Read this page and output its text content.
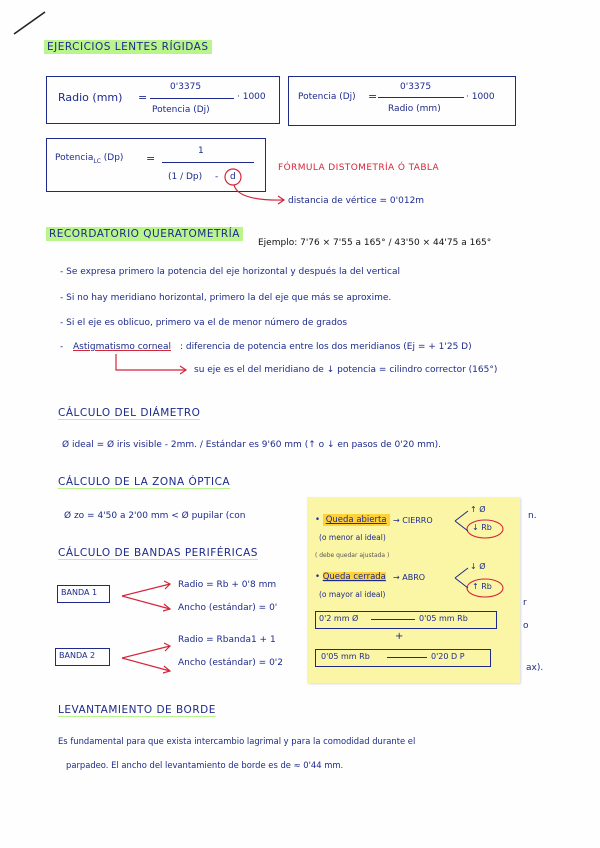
EJERCICIOS LENTES RÍGIDAS
Radio (mm) =
0'3375
Potencia (Dj)
· 1000	Potencia (Dj) =
0'3375
Radio (mm)
· 1000
Potencia$_{LC}$ (Dp) =
1
(1 / Dp) - d
FÓRMULA DISTOMETRÍA Ó TABLA
distancia de vértice = 0'012m
RECORDATORIO QUERATOMETRÍA
Ejemplo: 7'76 × 7'55 a 165° / 43'50 × 44'75 a 165°
- Se expresa primero la potencia del eje horizontal y después la del vertical
- Si no hay meridiano horizontal, primero la del eje que más se aproxime.
- Si el eje es oblicuo, primero va el de menor número de grados
- Astigmatismo corneal : diferencia de potencia entre los dos meridianos (Ej = + 1'25 D)
su eje es el del meridiano de ↓ potencia = cilindro corrector (165°)
CÁLCULO DEL DIÁMETRO
Ø ideal = Ø iris visible - 2mm. / Estándar es 9'60 mm (↑ o ↓ en pasos de 0'20 mm).
CÁLCULO DE LA ZONA ÓPTICA
Ø zo = 4'50 a 2'00 mm < Ø pupilar (con	n.
CÁLCULO DE BANDAS PERIFÉRICAS
BANDA 1
Radio = Rb + 0'8 mm
Ancho (estándar) = 0'
BANDA 2
Radio = Rbanda1 + 1
Ancho (estándar) = 0'2
r
o
ax).
• Queda abierta → CIERRO
↑ Ø
↓ Rb
(o menor al ideal)
( debe quedar ajustada )
• Queda cerrada → ABRO
↓ Ø
↑ Rb
(o mayor al ideal)
0'2 mm Ø	0'05 mm Rb
+
0'05 mm Rb	0'20 D P
LEVANTAMIENTO DE BORDE
Es fundamental para que exista intercambio lagrimal y para la comodidad durante el
parpadeo. El ancho del levantamiento de borde es de ≈ 0'44 mm.
